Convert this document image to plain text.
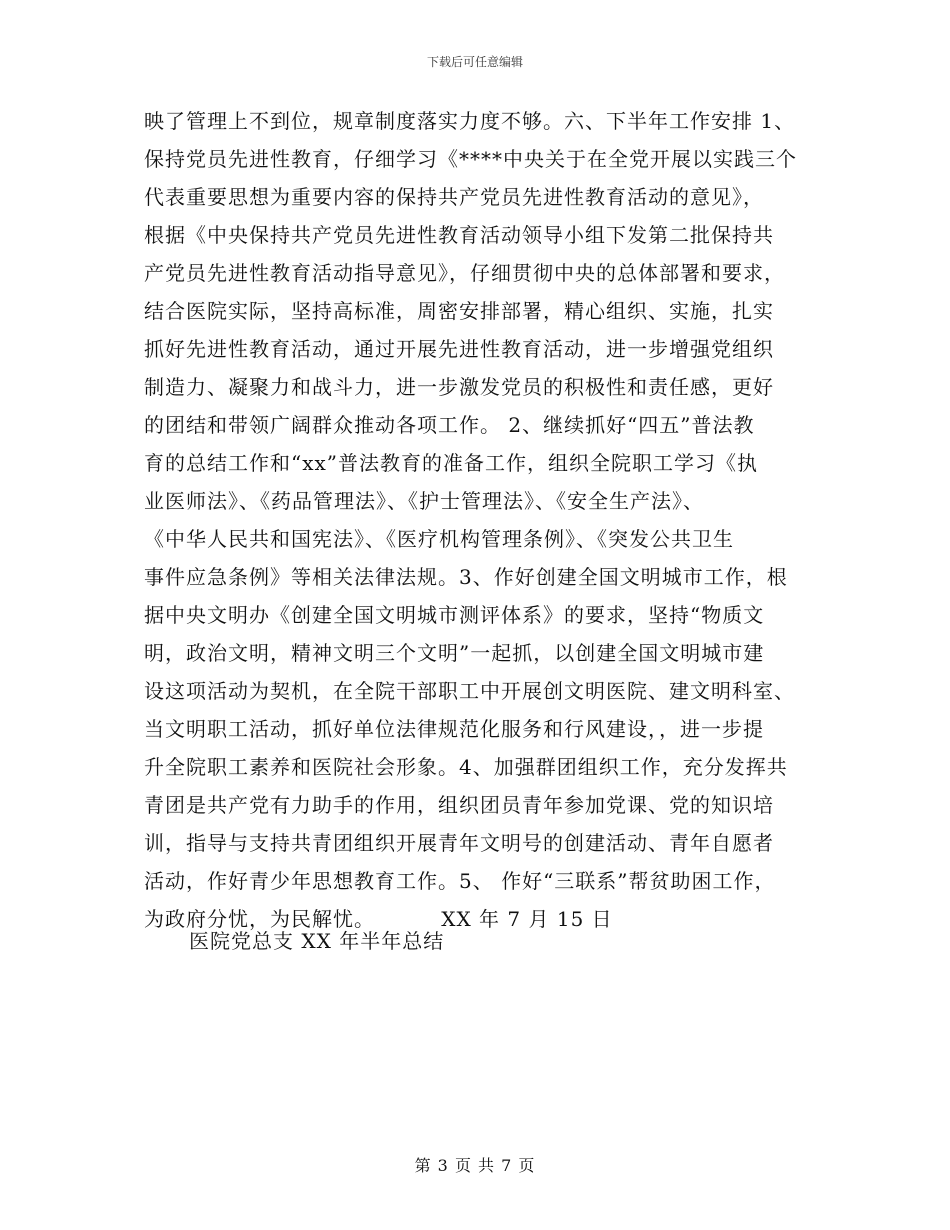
下载后可任意编辑
映了管理上不到位，规章制度落实力度不够。六、下半年工作安排 1、
保持党员先进性教育，仔细学习《****中央关于在全党开展以实践三个
代表重要思想为重要内容的保持共产党员先进性教育活动的意见》，
根据《中央保持共产党员先进性教育活动领导小组下发第二批保持共
产党员先进性教育活动指导意见》，仔细贯彻中央的总体部署和要求，
结合医院实际，坚持高标准，周密安排部署，精心组织、实施，扎实
抓好先进性教育活动，通过开展先进性教育活动，进一步增强党组织
制造力、凝聚力和战斗力，进一步激发党员的积极性和责任感，更好
的团结和带领广阔群众推动各项工作。 2、继续抓好“四五”普法教
育的总结工作和“xx”普法教育的准备工作，组织全院职工学习《执
业医师法》、《药品管理法》、《护士管理法》、《安全生产法》、
《中华人民共和国宪法》、《医疗机构管理条例》、《突发公共卫生
事件应急条例》等相关法律法规。3、作好创建全国文明城市工作，根
据中央文明办《创建全国文明城市测评体系》的要求，坚持“物质文
明，政治文明，精神文明三个文明”一起抓，以创建全国文明城市建
设这项活动为契机，在全院干部职工中开展创文明医院、建文明科室、
当文明职工活动，抓好单位法律规范化服务和行风建设，，进一步提
升全院职工素养和医院社会形象。4、加强群团组织工作，充分发挥共
青团是共产党有力助手的作用，组织团员青年参加党课、党的知识培
训，指导与支持共青团组织开展青年文明号的创建活动、青年自愿者
活动，作好青少年思想教育工作。5、 作好“三联系”帮贫助困工作，
为政府分忧，为民解忧。         XX 年 7 月 15 日
医院党总支 XX 年半年总结
第 3 页 共 7 页
